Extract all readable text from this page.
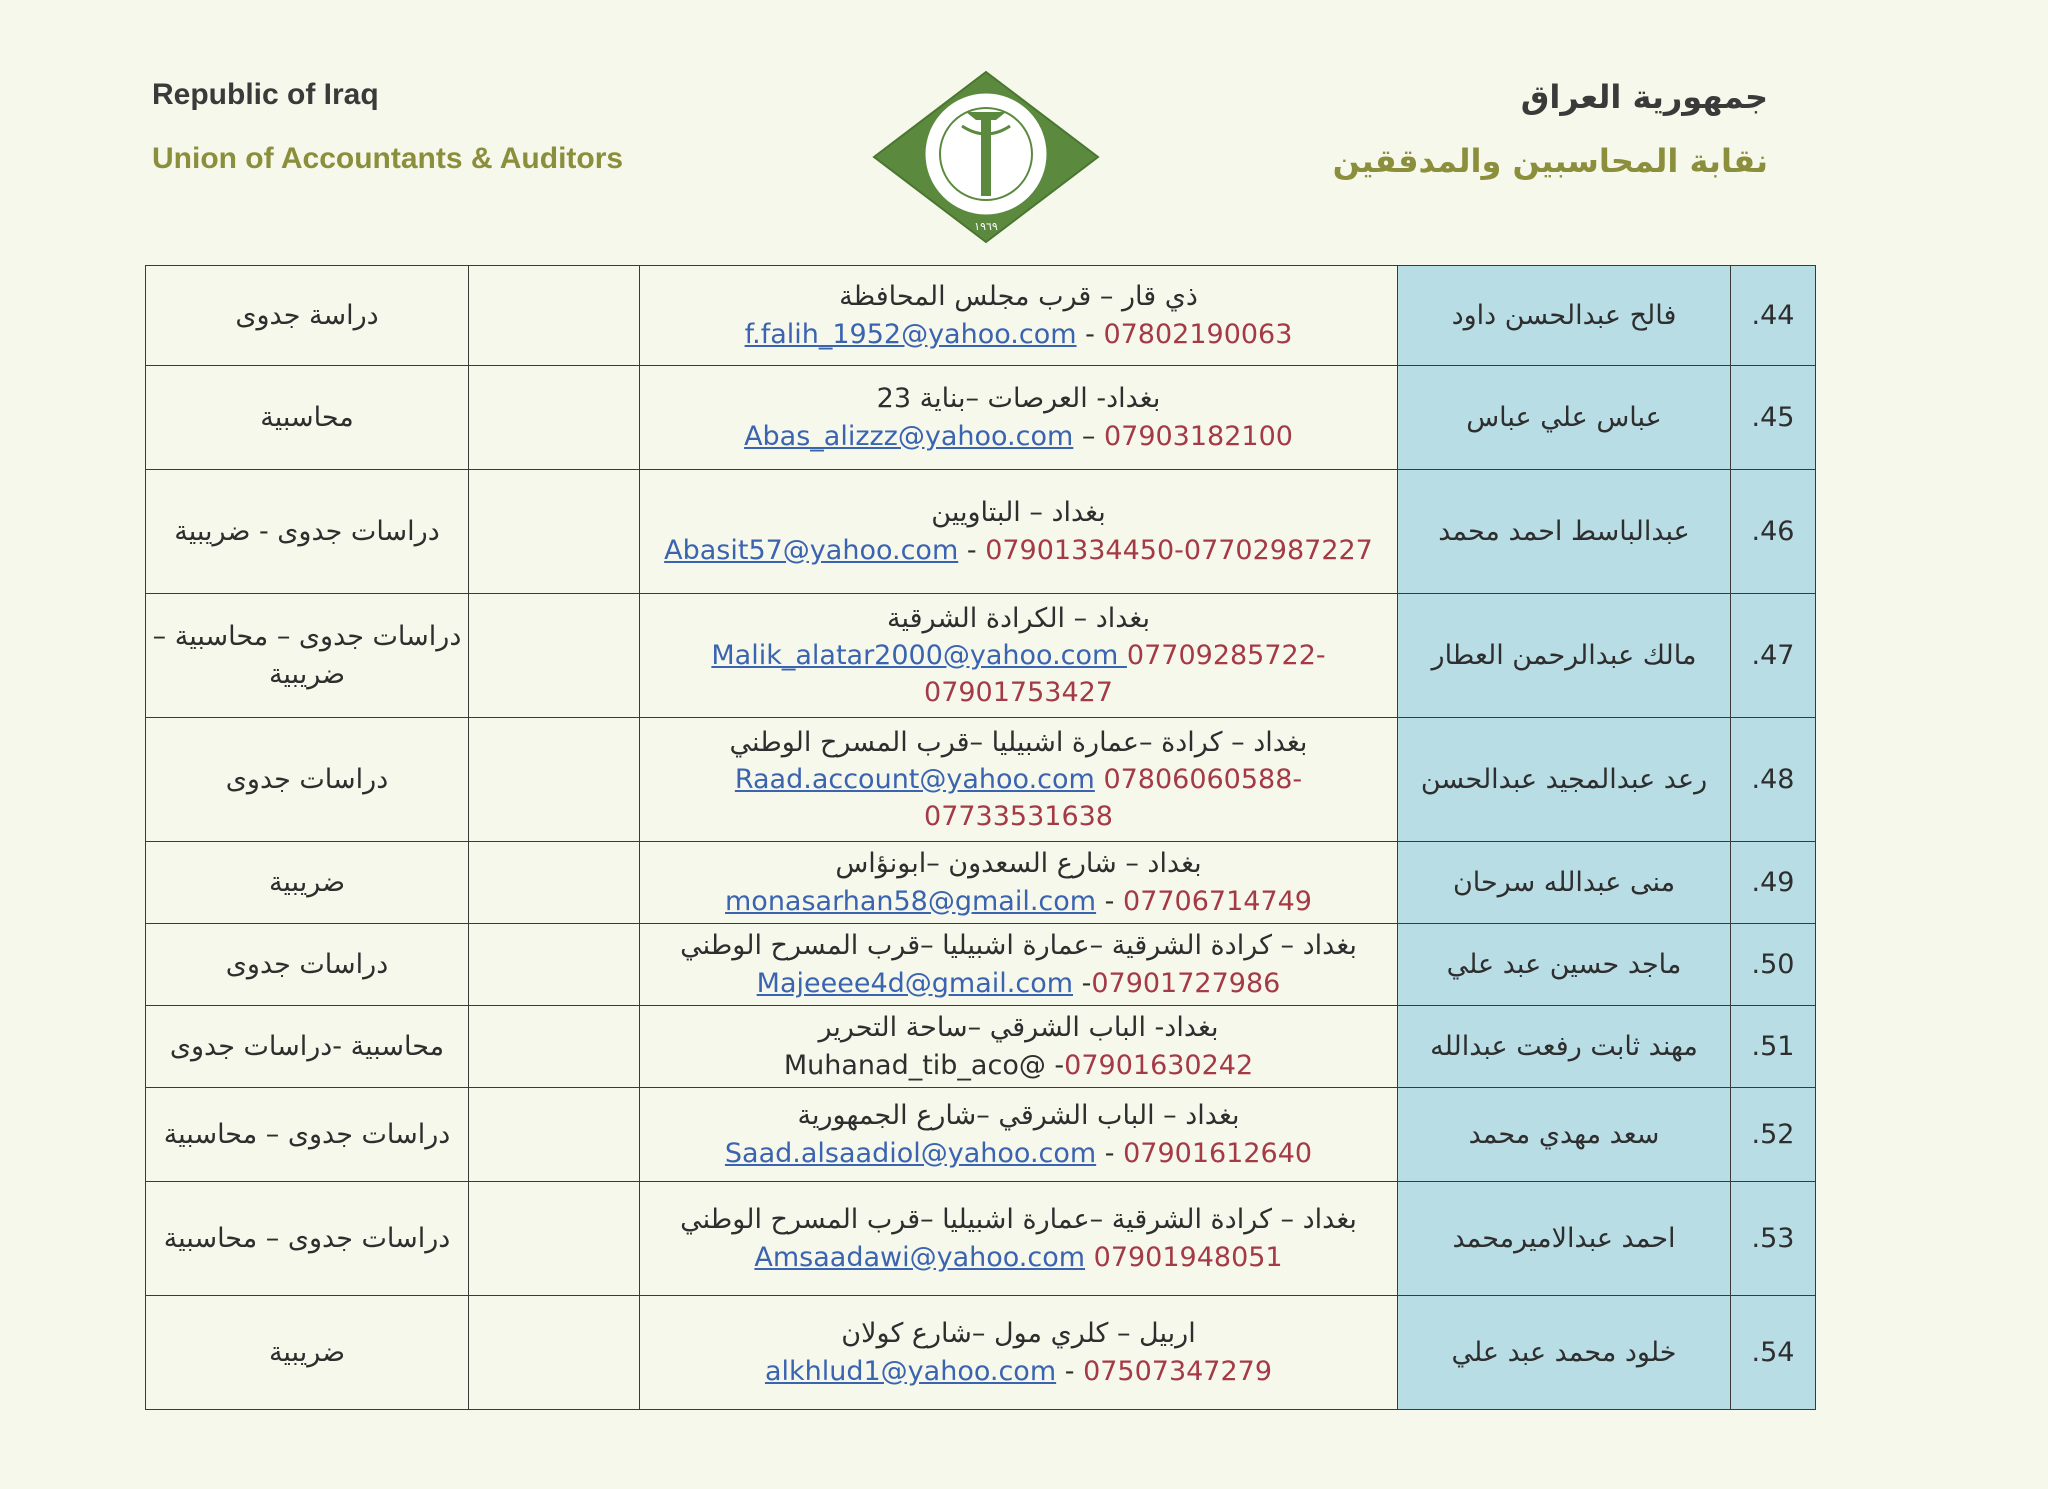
Republic of Iraq
Union of Accountants & Auditors
جمهورية العراق
نقابة المحاسبين والمدققين
١٩٦٩
.44	فالح عبدالحسن داود	ذي قار – قرب مجلس المحافظة
f.falih_1952@yahoo.com - 07802190063		دراسة جدوى
.45	عباس علي عباس	بغداد- العرصات –بناية 23
Abas_alizzz@yahoo.com – 07903182100		محاسبية
.46	عبدالباسط احمد محمد	بغداد – البتاويين
Abasit57@yahoo.com - 07901334450-07702987227		دراسات جدوى - ضريبية
.47	مالك عبدالرحمن العطار	بغداد – الكرادة الشرقية
Malik_alatar2000@yahoo.com 07709285722-07901753427		دراسات جدوى – محاسبية – ضريبية
.48	رعد عبدالمجيد عبدالحسن	بغداد – كرادة –عمارة اشبيليا –قرب المسرح الوطني
Raad.account@yahoo.com 07806060588-07733531638		دراسات جدوى
.49	منى عبدالله سرحان	بغداد – شارع السعدون –ابونؤاس
monasarhan58@gmail.com - 07706714749		ضريبية
.50	ماجد حسين عبد علي	بغداد – كرادة الشرقية –عمارة اشبيليا –قرب المسرح الوطني
Majeeee4d@gmail.com -07901727986		دراسات جدوى
.51	مهند ثابت رفعت عبدالله	بغداد- الباب الشرقي –ساحة التحرير
Muhanad_tib_aco@ -07901630242		محاسبية -دراسات جدوى
.52	سعد مهدي محمد	بغداد – الباب الشرقي –شارع الجمهورية
Saad.alsaadiol@yahoo.com - 07901612640		دراسات جدوى – محاسبية
.53	احمد عبدالاميرمحمد	بغداد – كرادة الشرقية –عمارة اشبيليا –قرب المسرح الوطني
Amsaadawi@yahoo.com 07901948051		دراسات جدوى – محاسبية
.54	خلود محمد عبد علي	اربيل – كلري مول –شارع كولان
alkhlud1@yahoo.com - 07507347279		ضريبية
